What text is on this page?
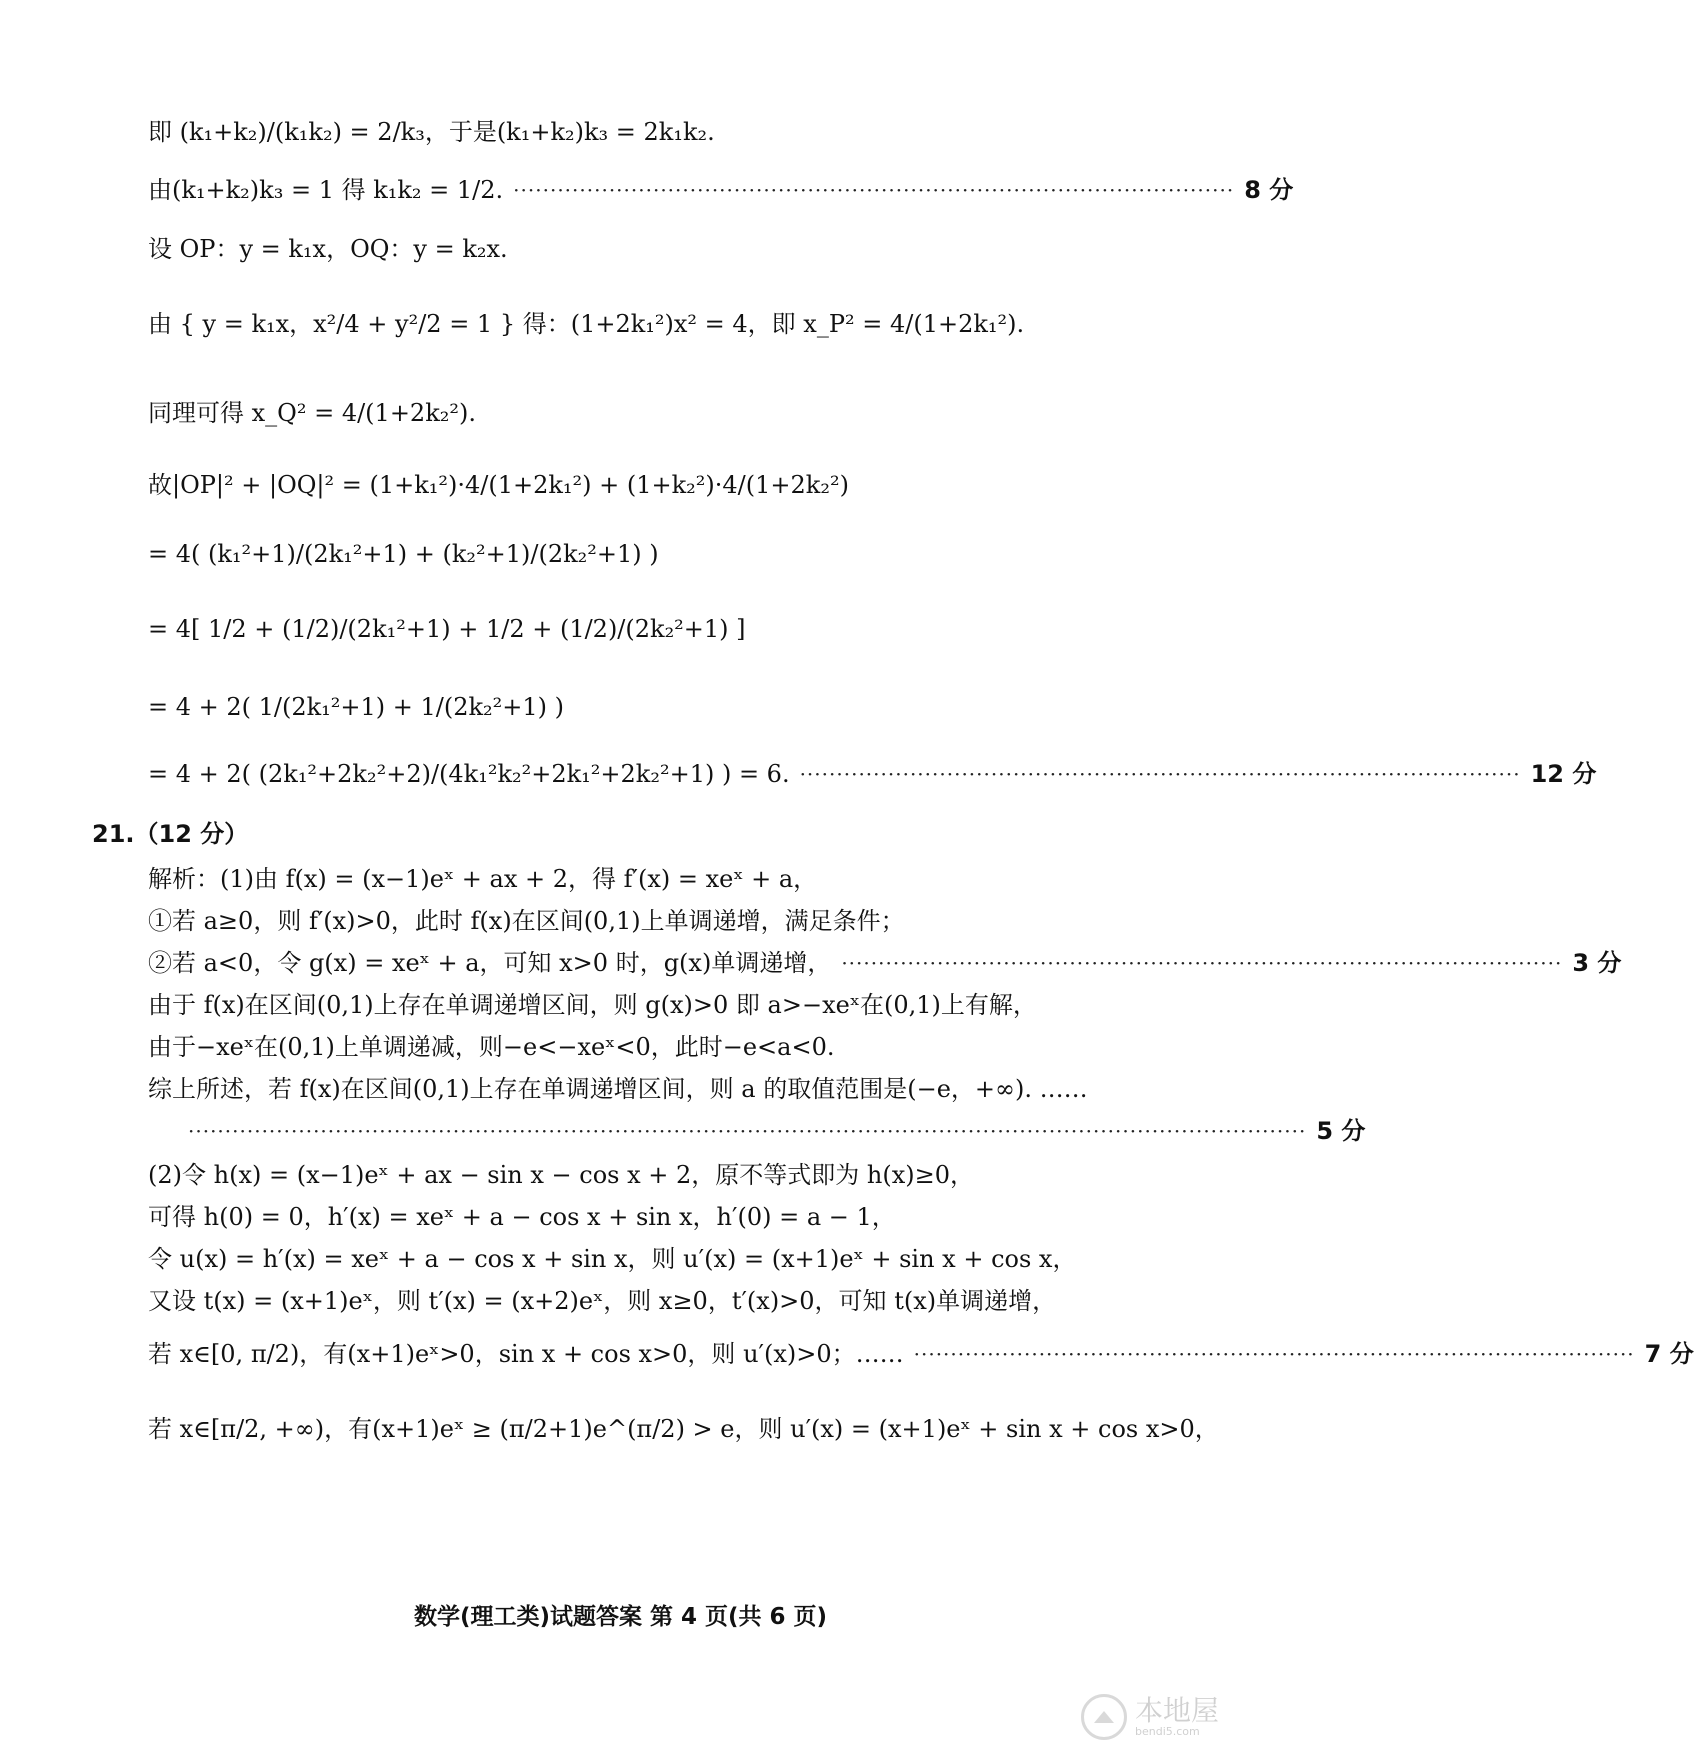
即 (k₁+k₂)/(k₁k₂) = 2/k₃，于是(k₁+k₂)k₃ = 2k₁k₂.
由(k₁+k₂)k₃ = 1 得 k₁k₂ = 1/2. ·································································································· 8 分
设 OP：y = k₁x，OQ：y = k₂x.
由 { y = k₁x，x²/4 + y²/2 = 1 } 得：(1+2k₁²)x² = 4，即 x_P² = 4/(1+2k₁²).
同理可得 x_Q² = 4/(1+2k₂²).
故|OP|² + |OQ|² = (1+k₁²)·4/(1+2k₁²) + (1+k₂²)·4/(1+2k₂²)
= 4( (k₁²+1)/(2k₁²+1) + (k₂²+1)/(2k₂²+1) )
= 4[ 1/2 + (1/2)/(2k₁²+1) + 1/2 + (1/2)/(2k₂²+1) ]
= 4 + 2( 1/(2k₁²+1) + 1/(2k₂²+1) )
= 4 + 2( (2k₁²+2k₂²+2)/(4k₁²k₂²+2k₁²+2k₂²+1) ) = 6. ·································································································· 12 分
21.（12 分）
解析：(1)由 f(x) = (x−1)eˣ + ax + 2，得 f′(x) = xeˣ + a，
①若 a≥0，则 f′(x)>0，此时 f(x)在区间(0,1)上单调递增，满足条件；
②若 a<0，令 g(x) = xeˣ + a，可知 x>0 时，g(x)单调递增， ·································································································· 3 分
由于 f(x)在区间(0,1)上存在单调递增区间，则 g(x)>0 即 a>−xeˣ在(0,1)上有解，
由于−xeˣ在(0,1)上单调递减，则−e<−xeˣ<0，此时−e<a<0.
综上所述，若 f(x)在区间(0,1)上存在单调递增区间，则 a 的取值范围是(−e，+∞). ……
························································································································································ 5 分
(2)令 h(x) = (x−1)eˣ + ax − sin x − cos x + 2，原不等式即为 h(x)≥0，
可得 h(0) = 0，h′(x) = xeˣ + a − cos x + sin x，h′(0) = a − 1，
令 u(x) = h′(x) = xeˣ + a − cos x + sin x，则 u′(x) = (x+1)eˣ + sin x + cos x，
又设 t(x) = (x+1)eˣ，则 t′(x) = (x+2)eˣ，则 x≥0，t′(x)>0，可知 t(x)单调递增，
若 x∈[0, π/2)，有(x+1)eˣ>0，sin x + cos x>0，则 u′(x)>0；…… ·································································································· 7 分
若 x∈[π/2, +∞)，有(x+1)eˣ ≥ (π/2+1)e^(π/2) > e，则 u′(x) = (x+1)eˣ + sin x + cos x>0，
数学(理工类)试题答案 第 4 页(共 6 页)
本地屋
bendi5.com
